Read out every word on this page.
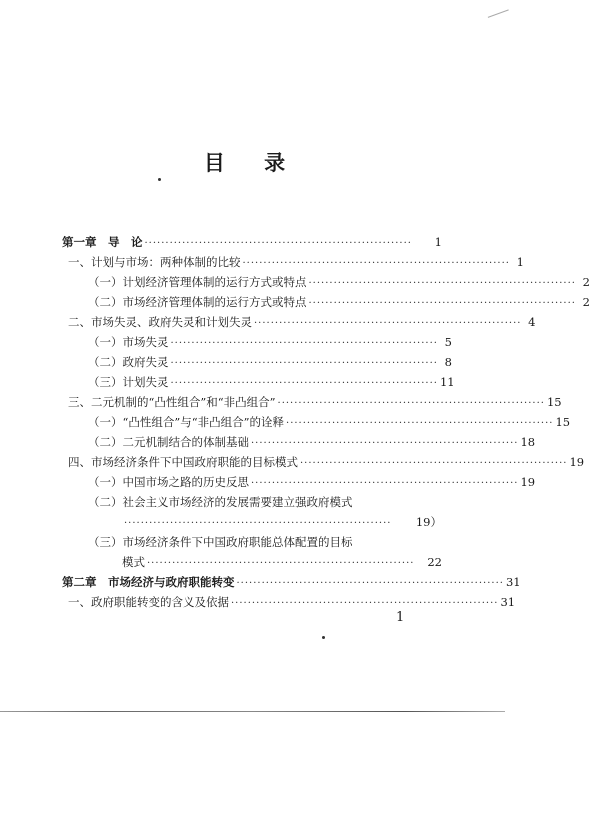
目 录
第一章　导　论 ································································	1
一、计划与市场：两种体制的比较 ································································ 1
（一）计划经济管理体制的运行方式或特点 ································································ 2
（二）市场经济管理体制的运行方式或特点 ································································ 2
二、市场失灵、政府失灵和计划失灵 ································································ 4
（一）市场失灵 ································································ 5
（二）政府失灵 ································································ 8
（三）计划失灵 ································································ 11
三、二元机制的“凸性组合”和“非凸组合” ································································ 15
（一）“凸性组合”与“非凸组合”的诠释 ································································ 15
（二）二元机制结合的体制基础 ································································ 18
四、市场经济条件下中国政府职能的目标模式 ································································ 19
（一）中国市场之路的历史反思 ································································ 19
（二）社会主义市场经济的发展需要建立强政府模式
································································	19）
（三）市场经济条件下中国政府职能总体配置的目标
模式 ································································	22
第二章　市场经济与政府职能转变 ································································ 31
一、政府职能转变的含义及依据 ································································ 31
1
